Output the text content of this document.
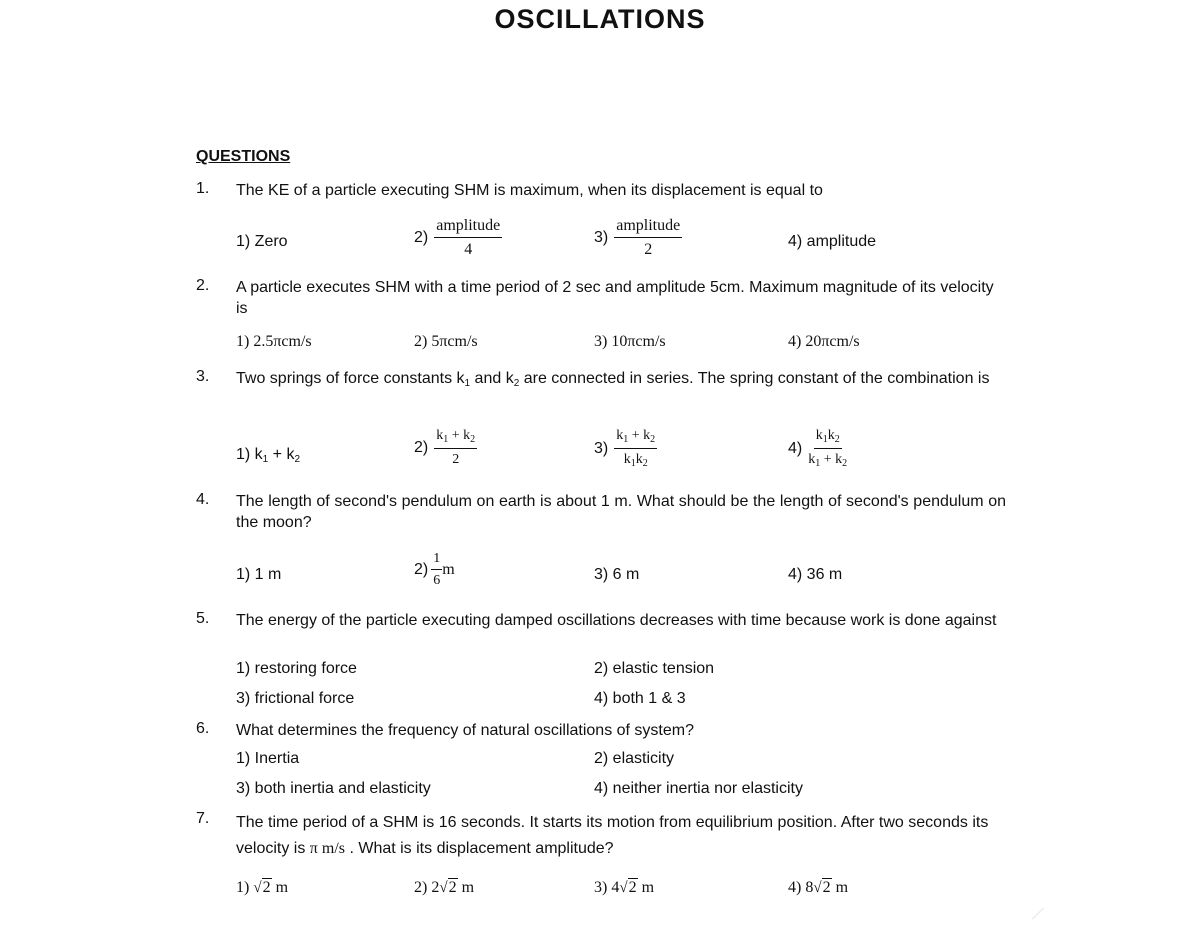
OSCILLATIONS
QUESTIONS
1. The KE of a particle executing SHM is maximum, when its displacement is equal to
1) Zero	$2) \frac{\text{amplitude}}{4}$	$3) \frac{\text{amplitude}}{2}$	4) amplitude
2. A particle executes SHM with a time period of 2 sec and amplitude 5cm. Maximum magnitude of its velocity is
1) 2.5πcm/s	2) 5πcm/s	3) 10πcm/s	4) 20πcm/s
3. Two springs of force constants $k_1$ and $k_2$ are connected in series. The spring constant of the combination is
1) $k_1 + k_2$
$2) \frac{k_1 + k_2}{2}$	$3) \frac{k_1 + k_2}{k_1k_2}$	$4) \frac{k_1k_2}{k_1 + k_2}$
4. The length of second's pendulum on earth is about 1 m. What should be the length of second's pendulum on the moon?
1) 1 m	$2) \frac{1}{6}$ m	3) 6 m	4) 36 m
5. The energy of the particle executing damped oscillations decreases with time because work is done against
1) restoring force	2) elastic tension
3) frictional force	4) both 1 & 3
6. What determines the frequency of natural oscillations of system?
1) Inertia	2) elasticity
3) both inertia and elasticity	4) neither inertia nor elasticity
7. The time period of a SHM is 16 seconds. It starts its motion from equilibrium position. After two seconds its velocity is π m/s . What is its displacement amplitude?
1) √2 m	2) 2√2 m	3) 4√2 m	4) 8√2 m
